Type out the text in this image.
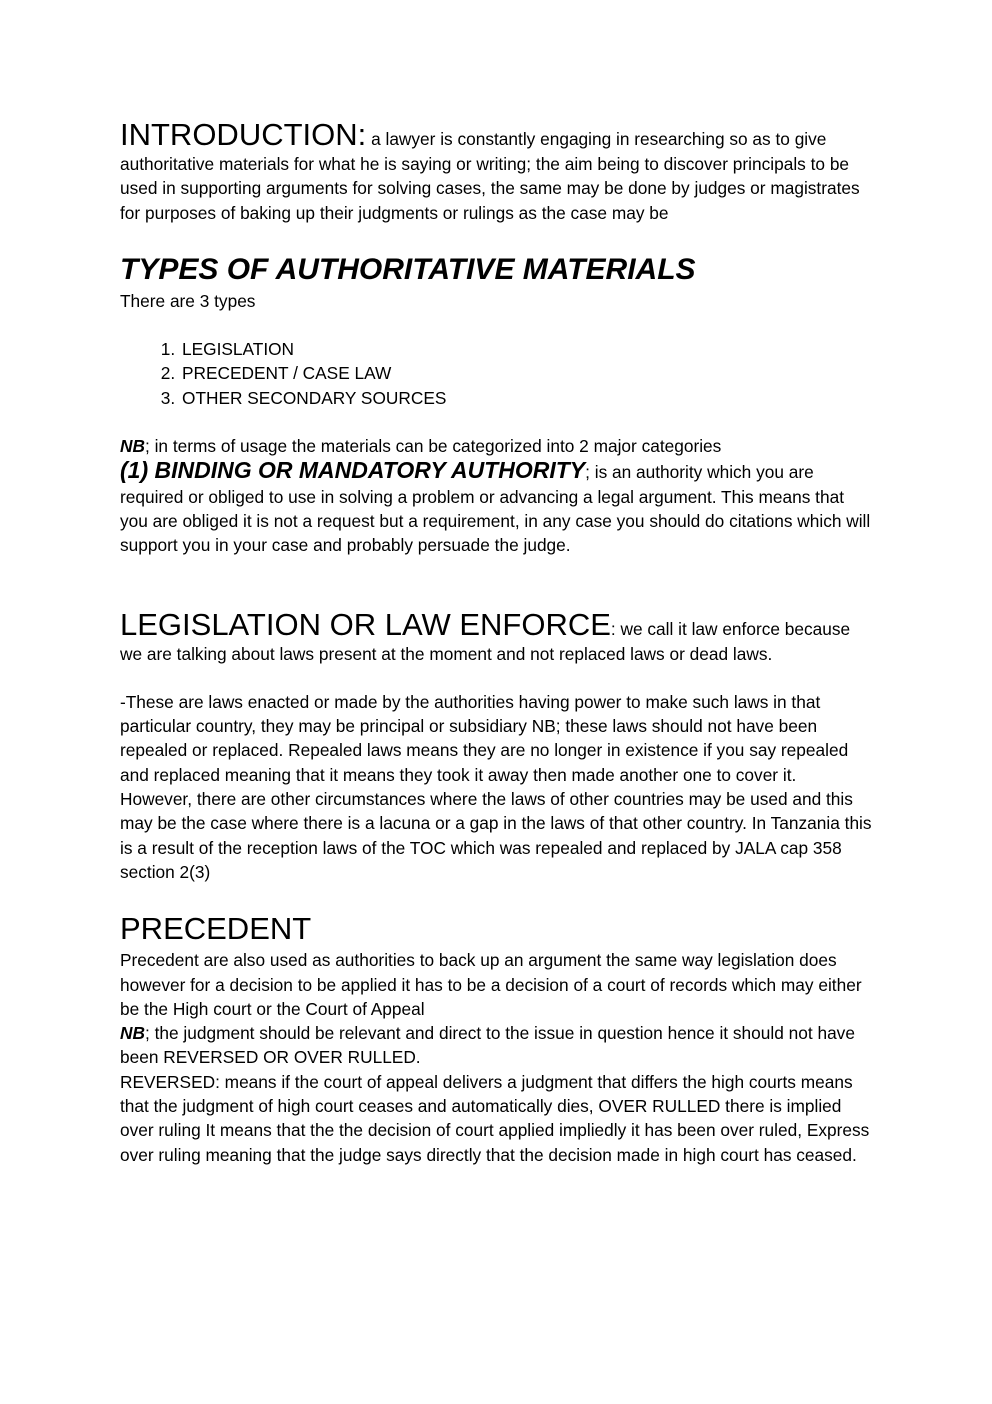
INTRODUCTION: a lawyer is constantly engaging in researching so as to give authoritative materials for what he is saying or writing; the aim being to discover principals to be used in supporting arguments for solving cases, the same may be done by judges or magistrates for purposes of baking up their judgments or rulings as the case may be

TYPES OF AUTHORITATIVE MATERIALS

There are 3 types

1. LEGISLATION
2. PRECEDENT / CASE LAW
3. OTHER SECONDARY SOURCES

NB; in terms of usage the materials can be categorized into 2 major categories

(1) BINDING OR MANDATORY AUTHORITY; is an authority which you are required or obliged to use in solving a problem or advancing a legal argument. This means that you are obliged it is not a request but a requirement, in any case you should do citations which will support you in your case and probably persuade the judge.

LEGISLATION OR LAW ENFORCE: we call it law enforce because we are talking about laws present at the moment and not replaced laws or dead laws.

-These are laws enacted or made by the authorities having power to make such laws in that particular country, they may be principal or subsidiary NB; these laws should not have been repealed or replaced. Repealed laws means they are no longer in existence if you say repealed and replaced meaning that it means they took it away then made another one to cover it. However, there are other circumstances where the laws of other countries may be used and this may be the case where there is a lacuna or a gap in the laws of that other country. In Tanzania this is a result of the reception laws of the TOC which was repealed and replaced by JALA cap 358 section 2(3)

PRECEDENT

Precedent are also used as authorities to back up an argument the same way legislation does however for a decision to be applied it has to be a decision of a court of records which may either be the High court or the Court of Appeal

NB; the judgment should be relevant and direct to the issue in question hence it should not have been REVERSED OR OVER RULLED.

REVERSED: means if the court of appeal delivers a judgment that differs the high courts means that the judgment of high court ceases and automatically dies, OVER RULLED there is implied over ruling It means that the the decision of court applied impliedly it has been over ruled, Express over ruling meaning that the judge says directly that the decision made in high court has ceased.
